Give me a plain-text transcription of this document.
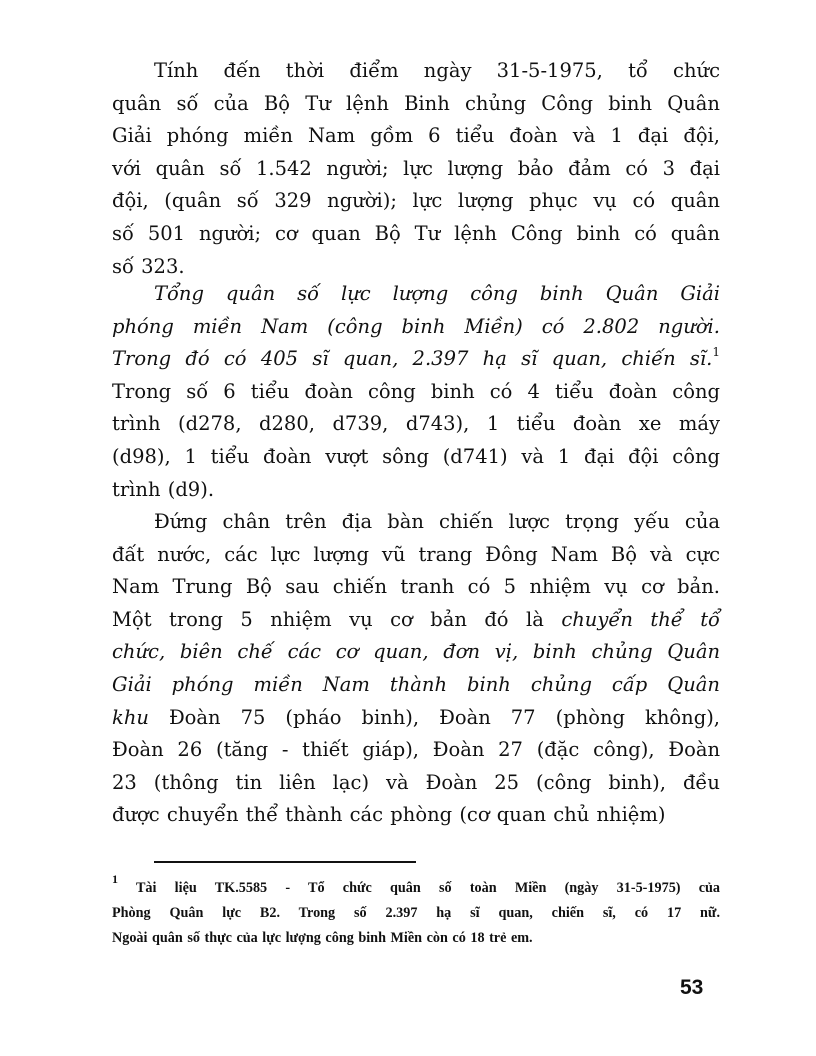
Tính đến thời điểm ngày 31-5-1975, tổ chức
quân số của Bộ Tư lệnh Binh chủng Công binh Quân
Giải phóng miền Nam gồm 6 tiểu đoàn và 1 đại đội,
với quân số 1.542 người; lực lượng bảo đảm có 3 đại
đội, (quân số 329 người); lực lượng phục vụ có quân
số 501 người; cơ quan Bộ Tư lệnh Công binh có quân
số 323.
Tổng quân số lực lượng công binh Quân Giải
phóng miền Nam (công binh Miền) có 2.802 người.
Trong đó có 405 sĩ quan, 2.397 hạ sĩ quan, chiến sĩ.$^1$
Trong số 6 tiểu đoàn công binh có 4 tiểu đoàn công
trình (d278, d280, d739, d743), 1 tiểu đoàn xe máy
(d98), 1 tiểu đoàn vượt sông (d741) và 1 đại đội công
trình (d9).
Đứng chân trên địa bàn chiến lược trọng yếu của
đất nước, các lực lượng vũ trang Đông Nam Bộ và cực
Nam Trung Bộ sau chiến tranh có 5 nhiệm vụ cơ bản.
Một trong 5 nhiệm vụ cơ bản đó là chuyển thể tổ
chức, biên chế các cơ quan, đơn vị, binh chủng Quân
Giải phóng miền Nam thành binh chủng cấp Quân
khu Đoàn 75 (pháo binh), Đoàn 77 (phòng không),
Đoàn 26 (tăng - thiết giáp), Đoàn 27 (đặc công), Đoàn
23 (thông tin liên lạc) và Đoàn 25 (công binh), đều
được chuyển thể thành các phòng (cơ quan chủ nhiệm)
$^1$ Tài liệu TK.5585 - Tổ chức quân số toàn Miền (ngày 31-5-1975) của
Phòng Quân lực B2. Trong số 2.397 hạ sĩ quan, chiến sĩ, có 17 nữ.
Ngoài quân số thực của lực lượng công binh Miền còn có 18 trẻ em.
53
